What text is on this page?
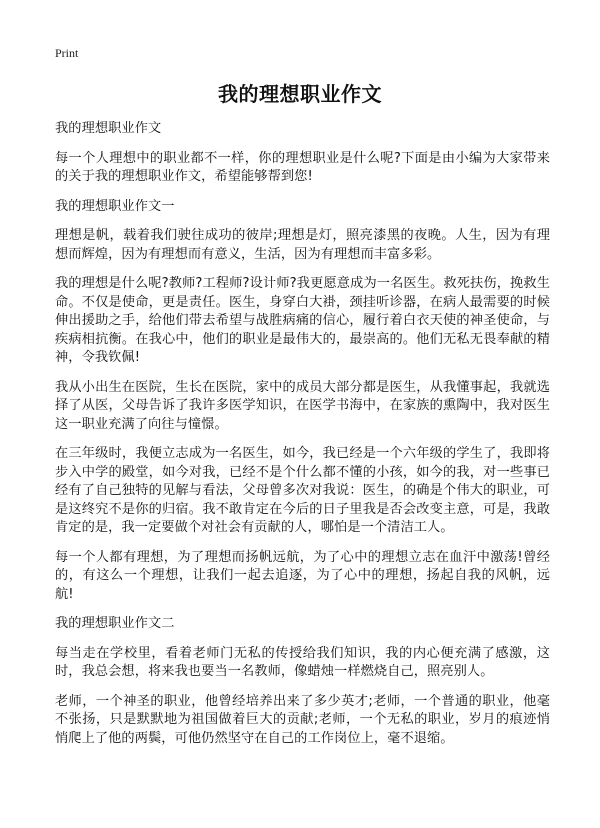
Print
我的理想职业作文

我的理想职业作文

每一个人理想中的职业都不一样，你的理想职业是什么呢?下面是由小编为大家带来的关于我的理想职业作文，希望能够帮到您!

我的理想职业作文一

理想是帆，载着我们驶往成功的彼岸;理想是灯，照亮漆黑的夜晚。人生，因为有理想而辉煌，因为有理想而有意义，生活，因为有理想而丰富多彩。

我的理想是什么呢?教师?工程师?设计师?我更愿意成为一名医生。救死扶伤，挽救生命。不仅是使命，更是责任。医生，身穿白大褂，颈挂听诊器，在病人最需要的时候伸出援助之手，给他们带去希望与战胜病痛的信心，履行着白衣天使的神圣使命，与疾病相抗衡。在我心中，他们的职业是最伟大的，最崇高的。他们无私无畏奉献的精神，令我钦佩!

我从小出生在医院，生长在医院，家中的成员大部分都是医生，从我懂事起，我就选择了从医，父母告诉了我许多医学知识，在医学书海中，在家族的熏陶中，我对医生这一职业充满了向往与憧憬。

在三年级时，我便立志成为一名医生，如今，我已经是一个六年级的学生了，我即将步入中学的殿堂，如今对我，已经不是个什么都不懂的小孩，如今的我，对一些事已经有了自己独特的见解与看法，父母曾多次对我说：医生，的确是个伟大的职业，可是这终究不是你的归宿。我不敢肯定在今后的日子里我是否会改变主意，可是，我敢肯定的是，我一定要做个对社会有贡献的人，哪怕是一个清洁工人。

每一个人都有理想，为了理想而扬帆远航，为了心中的理想立志在血汗中激荡!曾经的，有这么一个理想，让我们一起去追逐，为了心中的理想，扬起自我的风帆，远航!

我的理想职业作文二

每当走在学校里，看着老师门无私的传授给我们知识，我的内心便充满了感激，这时，我总会想，将来我也要当一名教师，像蜡烛一样燃烧自己，照亮别人。

老师，一个神圣的职业，他曾经培养出来了多少英才;老师，一个普通的职业，他毫不张扬，只是默默地为祖国做着巨大的贡献;老师，一个无私的职业，岁月的痕迹悄悄爬上了他的两鬓，可他仍然坚守在自己的工作岗位上，毫不退缩。
